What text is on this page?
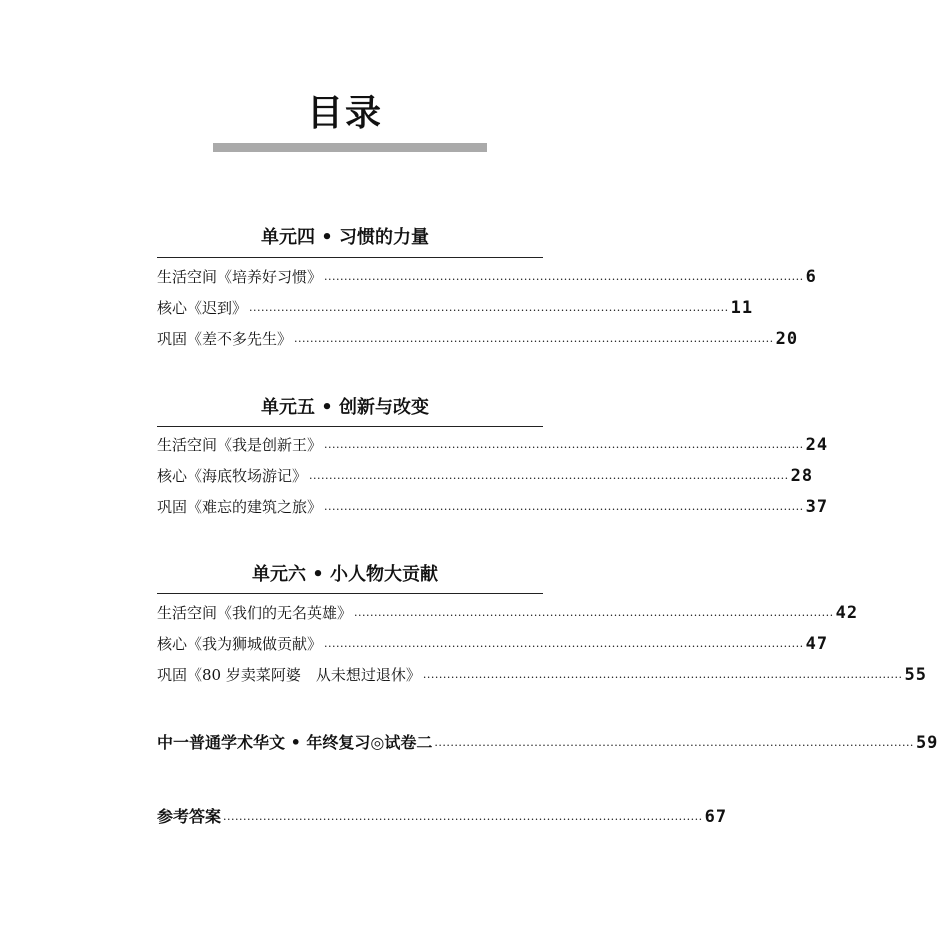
目录
单元四 • 习惯的力量
生活空间《培养好习惯》 ........................................................................................................................ 6
核心《迟到》 ........................................................................................................................ 11
巩固《差不多先生》 ........................................................................................................................ 20
单元五 • 创新与改变
生活空间《我是创新王》 ........................................................................................................................ 24
核心《海底牧场游记》 ........................................................................................................................ 28
巩固《难忘的建筑之旅》 ........................................................................................................................ 37
单元六 • 小人物大贡献
生活空间《我们的无名英雄》 ........................................................................................................................ 42
核心《我为狮城做贡献》 ........................................................................................................................ 47
巩固《80 岁卖菜阿婆　从未想过退休》 ........................................................................................................................ 55
中一普通学术华文 • 年终复习◎试卷二 ........................................................................................................................ 59
参考答案 ........................................................................................................................ 67
